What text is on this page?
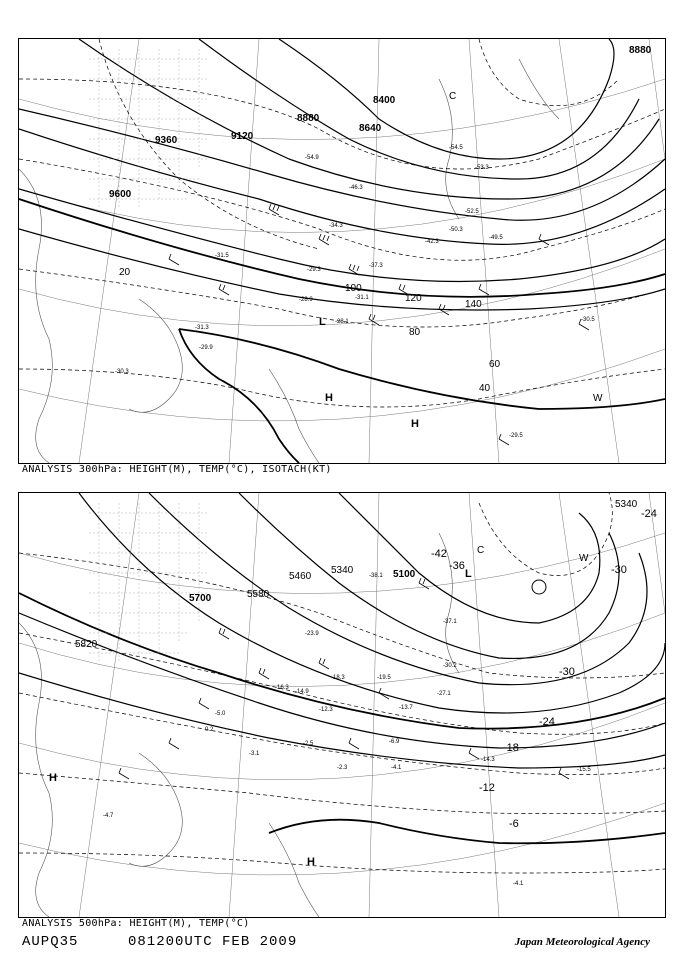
9600
9360	9120
8880
8640
8400
8880
20
40
60
80
100
120
140
H
H
L
C
W
-54.9
-54.5
-53.3
-52.5
-49.5
-42.3
-37.3
-34.3
-31.5
-31.1
-29.3
-28.1
-28.9
-31.3
-29.9
-30.3
-30.5
-29.5
-50.3
-46.3
ANALYSIS 300hPa: HEIGHT(M), TEMP(°C), ISOTACH(KT)
5700	5580
5460
5340	5100
5820
5340
-42
-36
-30
-24
-18
-12
-6
-24
-30
H
H
L
C
W
-38.1
-37.1
-30.2
-27.1
-23.9
-19.5
-18.3
-16.3
-14.9
-13.7
-12.3
-6.9
-5.0
-4.1
-3.1
-2.5
-2.3
-14.3
-15.5
-4.7
-4.1
0.2
ANALYSIS 500hPa: HEIGHT(M), TEMP(°C)
AUPQ35	081200UTC FEB 2009	Japan Meteorological Agency
